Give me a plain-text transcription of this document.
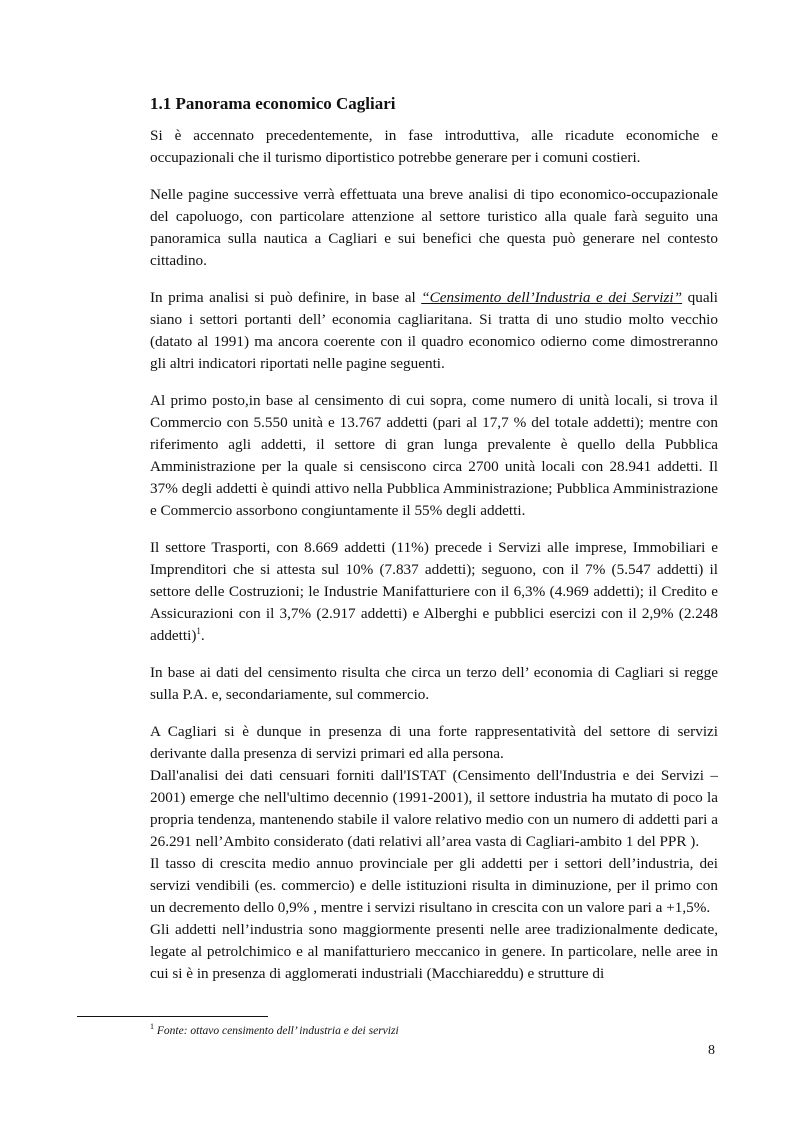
1.1 Panorama economico Cagliari

Si è accennato precedentemente, in fase introduttiva, alle ricadute economiche e occupazionali che il turismo diportistico potrebbe generare per i comuni costieri.

Nelle pagine successive verrà effettuata una breve analisi di tipo economico-occupazionale del capoluogo, con particolare attenzione al settore turistico alla quale farà seguito una panoramica sulla nautica a Cagliari e sui benefici che questa può generare nel contesto cittadino.

In prima analisi si può definire, in base al “Censimento dell’Industria e dei Servizi” quali siano i settori portanti dell’ economia cagliaritana. Si tratta di uno studio molto vecchio (datato al 1991) ma ancora coerente con il quadro economico odierno come dimostreranno gli altri indicatori riportati nelle pagine seguenti.

Al primo posto,in base al censimento di cui sopra, come numero di unità locali, si trova il Commercio con 5.550 unità e 13.767 addetti (pari al 17,7 % del totale addetti); mentre con riferimento agli addetti, il settore di gran lunga prevalente è quello della Pubblica Amministrazione per la quale si censiscono circa 2700 unità locali con 28.941 addetti. Il 37% degli addetti è quindi attivo nella Pubblica Amministrazione; Pubblica Amministrazione e Commercio assorbono congiuntamente il 55% degli addetti.

Il settore Trasporti, con 8.669 addetti (11%) precede i Servizi alle imprese, Immobiliari e Imprenditori che si attesta sul 10% (7.837 addetti); seguono, con il 7% (5.547 addetti) il settore delle Costruzioni; le Industrie Manifatturiere con il 6,3% (4.969 addetti); il Credito e Assicurazioni con il 3,7% (2.917 addetti) e Alberghi e pubblici esercizi con il 2,9% (2.248 addetti)$^1$.

In base ai dati del censimento risulta che circa un terzo dell’ economia di Cagliari si regge sulla P.A. e, secondariamente, sul commercio.

A Cagliari si è dunque in presenza di una forte rappresentatività del settore di servizi derivante dalla presenza di servizi primari ed alla persona.

Dall'analisi dei dati censuari forniti dall'ISTAT (Censimento dell'Industria e dei Servizi – 2001) emerge che nell'ultimo decennio (1991-2001), il settore industria ha mutato di poco la propria tendenza, mantenendo stabile il valore relativo medio con un numero di addetti pari a 26.291 nell’Ambito considerato (dati relativi all’area vasta di Cagliari-ambito 1 del PPR ).

Il tasso di crescita medio annuo provinciale per gli addetti per i settori dell’industria, dei servizi vendibili (es. commercio) e delle istituzioni risulta in diminuzione, per il primo con un decremento dello 0,9% , mentre i servizi risultano in crescita con un valore pari a +1,5%.

Gli addetti nell’industria sono maggiormente presenti nelle aree tradizionalmente dedicate, legate al petrolchimico e al manifatturiero meccanico in genere. In particolare, nelle aree in cui si è in presenza di agglomerati industriali (Macchiareddu) e strutture di

$^1$ Fonte: ottavo censimento dell’ industria e dei servizi
8
